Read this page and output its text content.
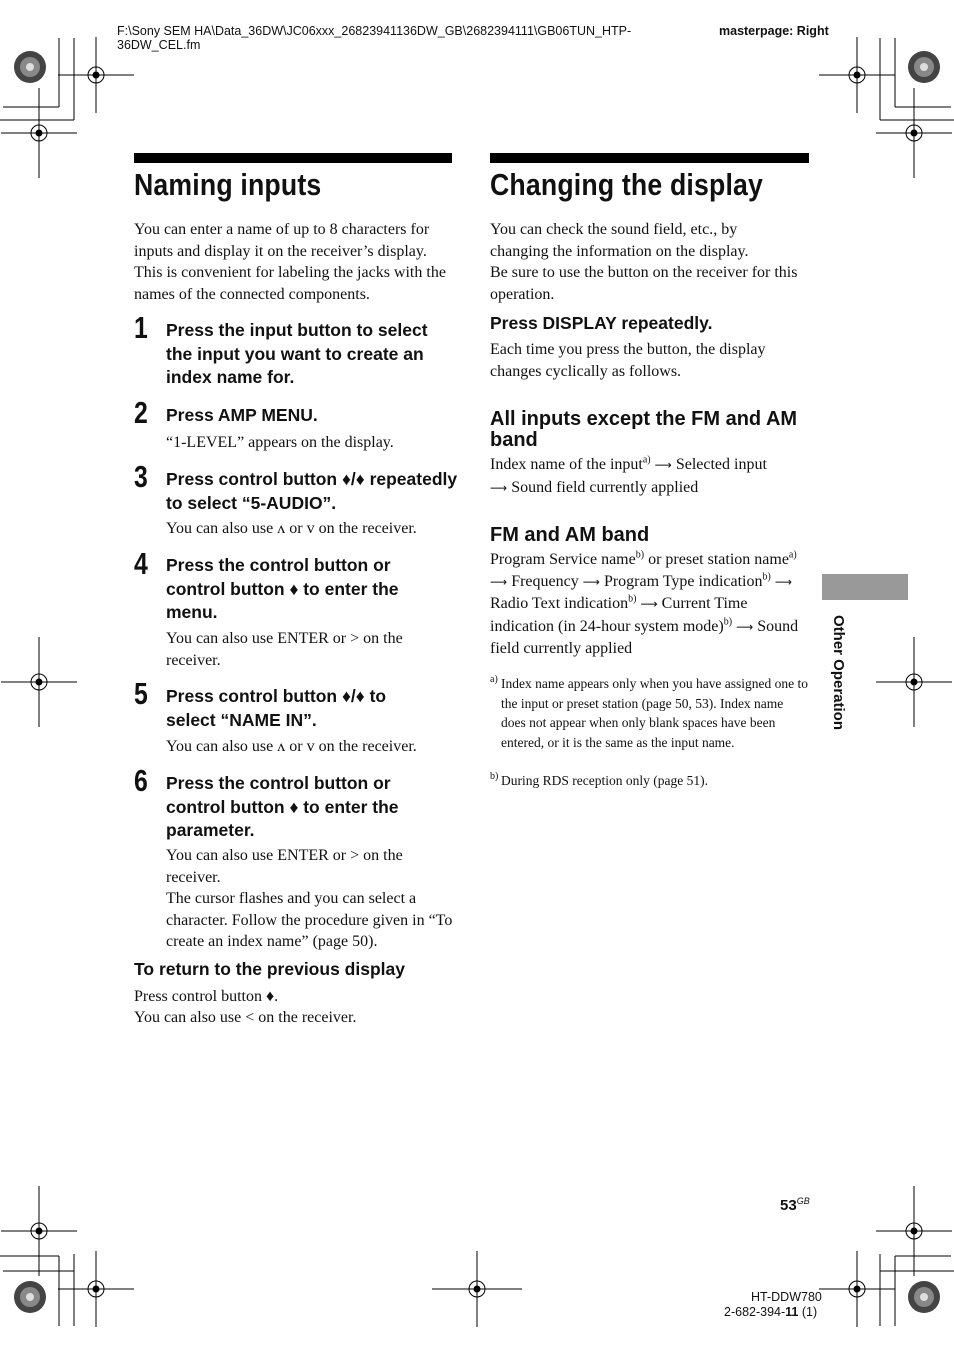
F:\Sony SEM HA\Data_36DW\JC06xxx_26823941136DW_GB\2682394111\GB06TUN_HTP-
36DW_CEL.fm
masterpage: Right
Naming inputs
You can enter a name of up to 8 characters for inputs and display it on the receiver’s display. This is convenient for labeling the jacks with the names of the connected components.
1 Press the input button to select the input you want to create an index name for.
2 Press AMP MENU.
“1-LEVEL” appears on the display.
3 Press control button ♦/♦ repeatedly to select “5-AUDIO”.
You can also use ʌ or v on the receiver.
4 Press the control button or control button ♦ to enter the menu.
You can also use ENTER or > on the receiver.
5 Press control button ♦/♦ to select “NAME IN”.
You can also use ʌ or v on the receiver.
6 Press the control button or control button ♦ to enter the parameter.
You can also use ENTER or > on the receiver.
The cursor flashes and you can select a character. Follow the procedure given in “To create an index name” (page 50).
To return to the previous display
Press control button ♦.
You can also use < on the receiver.
Changing the display
You can check the sound field, etc., by changing the information on the display.
Be sure to use the button on the receiver for this operation.
Press DISPLAY repeatedly.
Each time you press the button, the display changes cyclically as follows.
All inputs except the FM and AM band
Index name of the input$^{a)}$ ⟶ Selected input
⟶ Sound field currently applied
FM and AM band
Program Service name$^{b)}$ or preset station name$^{a)}$ ⟶ Frequency ⟶ Program Type indication$^{b)}$ ⟶ Radio Text indication$^{b)}$ ⟶ Current Time indication (in 24-hour system mode)$^{b)}$ ⟶ Sound field currently applied
a) Index name appears only when you have assigned one to the input or preset station (page 50, 53). Index name does not appear when only blank spaces have been entered, or it is the same as the input name.
b) During RDS reception only (page 51).
Other Operation
$53^{GB}$
HT-DDW780
2-682-394-11 (1)
